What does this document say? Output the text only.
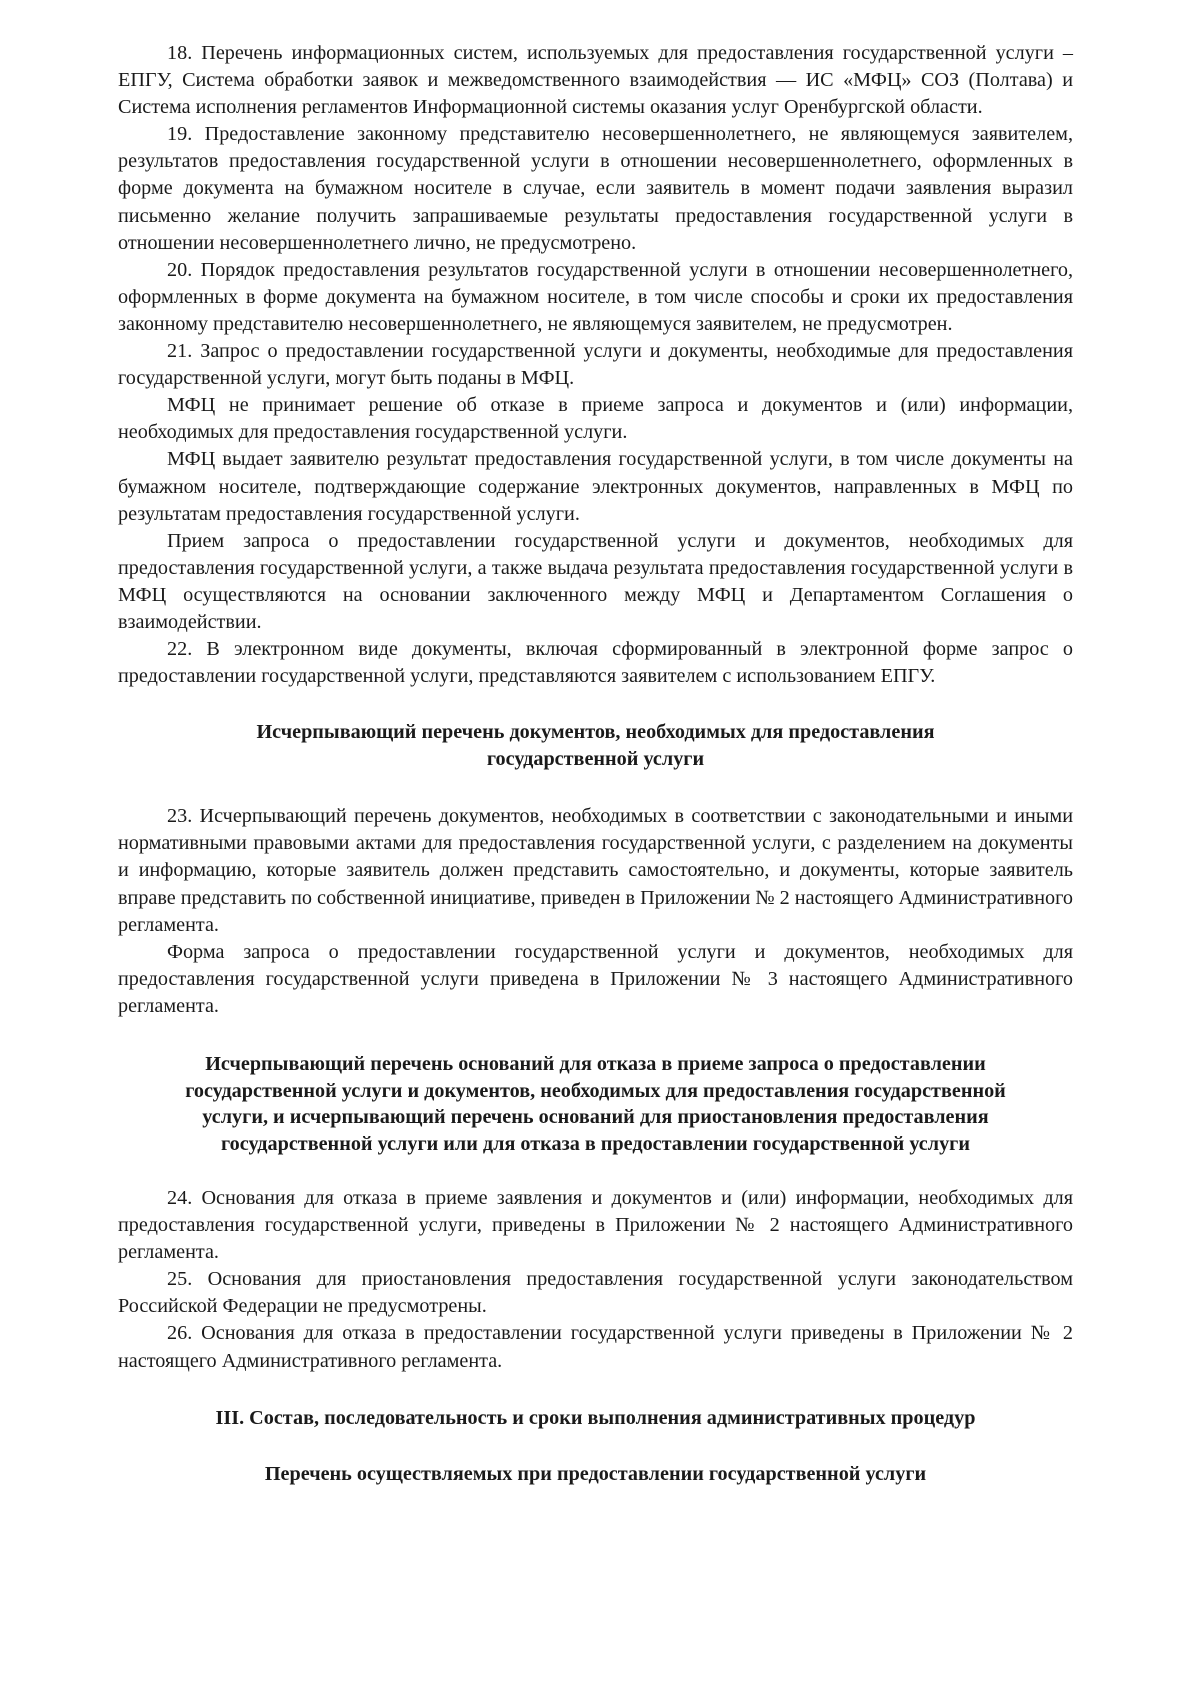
18. Перечень информационных систем, используемых для предоставления государственной услуги – ЕПГУ, Система обработки заявок и межведомственного взаимодействия — ИС «МФЦ» СОЗ (Полтава) и Система исполнения регламентов Информационной системы оказания услуг Оренбургской области.

19. Предоставление законному представителю несовершеннолетнего, не являющемуся заявителем, результатов предоставления государственной услуги в отношении несовершеннолетнего, оформленных в форме документа на бумажном носителе в случае, если заявитель в момент подачи заявления выразил письменно желание получить запрашиваемые результаты предоставления государственной услуги в отношении несовершеннолетнего лично, не предусмотрено.

20. Порядок предоставления результатов государственной услуги в отношении несовершеннолетнего, оформленных в форме документа на бумажном носителе, в том числе способы и сроки их предоставления законному представителю несовершеннолетнего, не являющемуся заявителем, не предусмотрен.

21. Запрос о предоставлении государственной услуги и документы, необходимые для предоставления государственной услуги, могут быть поданы в МФЦ.

МФЦ не принимает решение об отказе в приеме запроса и документов и (или) информации, необходимых для предоставления государственной услуги.

МФЦ выдает заявителю результат предоставления государственной услуги, в том числе документы на бумажном носителе, подтверждающие содержание электронных документов, направленных в МФЦ по результатам предоставления государственной услуги.

Прием запроса о предоставлении государственной услуги и документов, необходимых для предоставления государственной услуги, а также выдача результата предоставления государственной услуги в МФЦ осуществляются на основании заключенного между МФЦ и Департаментом Соглашения о взаимодействии.

22. В электронном виде документы, включая сформированный в электронной форме запрос о предоставлении государственной услуги, представляются заявителем с использованием ЕПГУ.

Исчерпывающий перечень документов, необходимых для предоставления
государственной услуги

23. Исчерпывающий перечень документов, необходимых в соответствии с законодательными и иными нормативными правовыми актами для предоставления государственной услуги, с разделением на документы и информацию, которые заявитель должен представить самостоятельно, и документы, которые заявитель вправе представить по собственной инициативе, приведен в Приложении № 2 настоящего Административного регламента.

Форма запроса о предоставлении государственной услуги и документов, необходимых для предоставления государственной услуги приведена в Приложении № 3 настоящего Административного регламента.

Исчерпывающий перечень оснований для отказа в приеме запроса о предоставлении
государственной услуги и документов, необходимых для предоставления государственной
услуги, и исчерпывающий перечень оснований для приостановления предоставления
государственной услуги или для отказа в предоставлении государственной услуги

24. Основания для отказа в приеме заявления и документов и (или) информации, необходимых для предоставления государственной услуги, приведены в Приложении № 2 настоящего Административного регламента.

25. Основания для приостановления предоставления государственной услуги законодательством Российской Федерации не предусмотрены.

26. Основания для отказа в предоставлении государственной услуги приведены в Приложении № 2 настоящего Административного регламента.

III. Состав, последовательность и сроки выполнения административных процедур
Перечень осуществляемых при предоставлении государственной услуги
